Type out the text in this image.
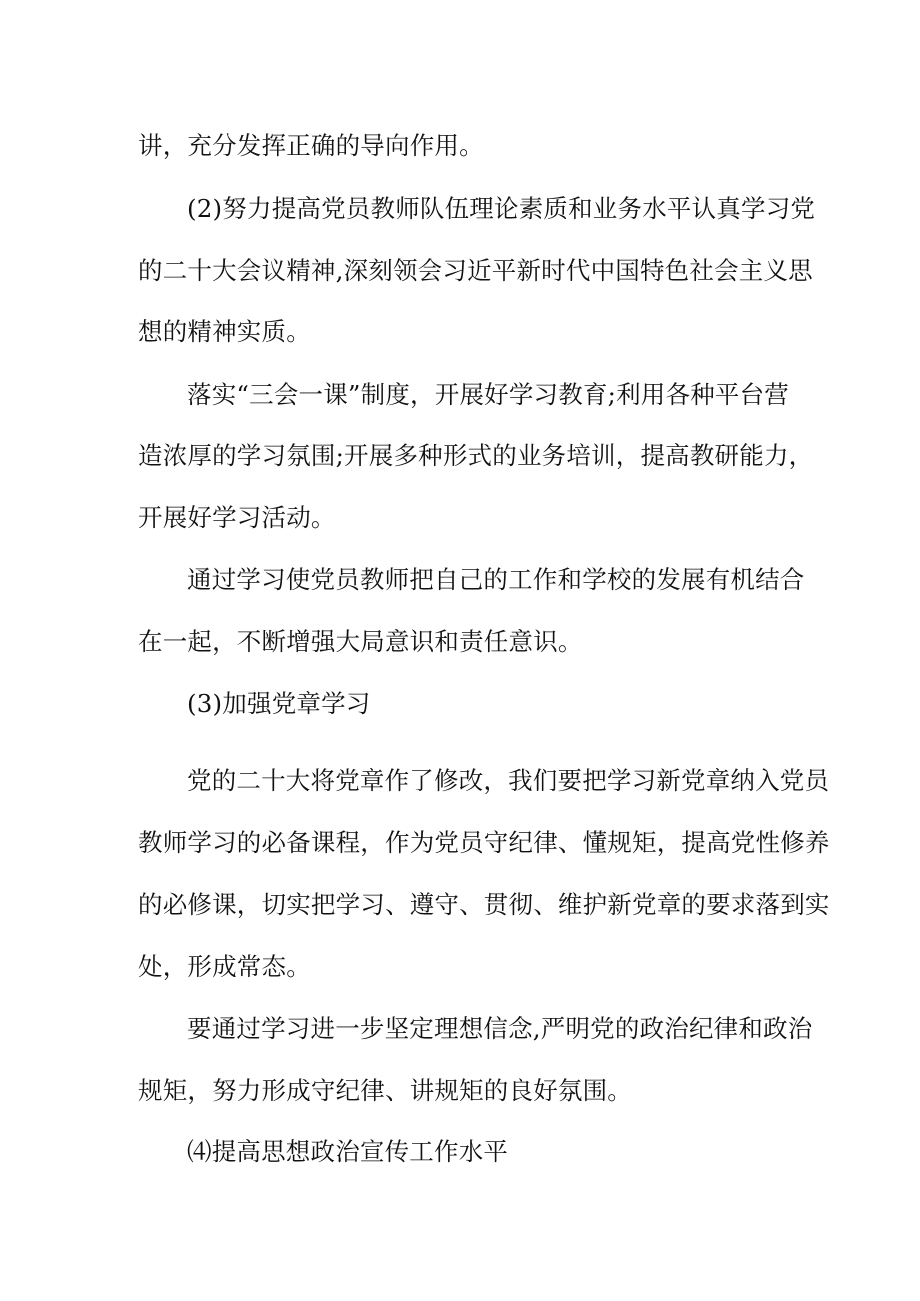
讲，充分发挥正确的导向作用。
(2)努力提高党员教师队伍理论素质和业务水平认真学习党
的二十大会议精神,深刻领会习近平新时代中国特色社会主义思
想的精神实质。
落实“三会一课”制度，开展好学习教育;利用各种平台营
造浓厚的学习氛围;开展多种形式的业务培训，提高教研能力，
开展好学习活动。
通过学习使党员教师把自己的工作和学校的发展有机结合
在一起，不断增强大局意识和责任意识。
(3)加强党章学习
党的二十大将党章作了修改，我们要把学习新党章纳入党员
教师学习的必备课程，作为党员守纪律、懂规矩，提高党性修养
的必修课，切实把学习、遵守、贯彻、维护新党章的要求落到实
处，形成常态。
要通过学习进一步坚定理想信念,严明党的政治纪律和政治
规矩，努力形成守纪律、讲规矩的良好氛围。
⑷提高思想政治宣传工作水平
